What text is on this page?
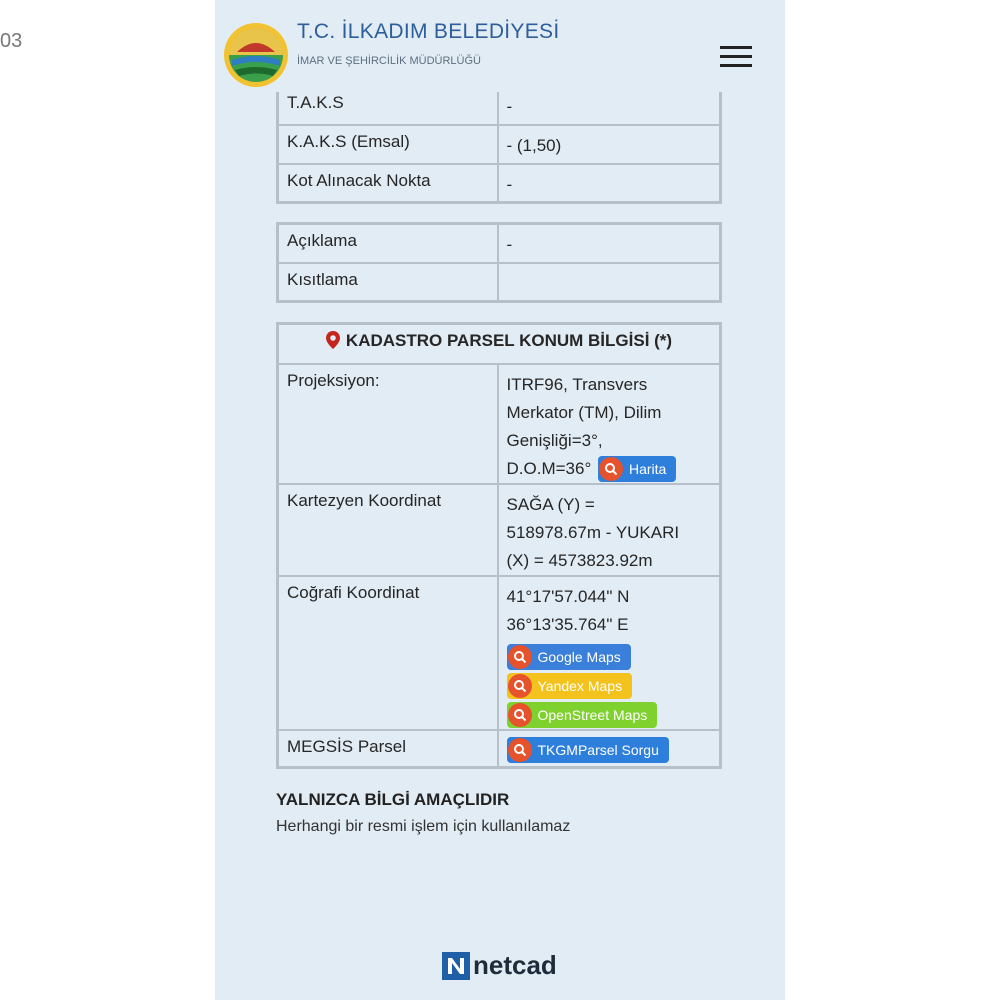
03
T.A.K.S	-
K.A.K.S (Emsal)	- (1,50)
Kot Alınacak Nokta	-
Açıklama	-
Kısıtlama	
KADASTRO PARSEL KONUM BİLGİSİ (*)	
Projeksiyon:	ITRF96, Transvers
Merkator (TM), Dilim
Genişliği=3°,
D.O.M=36° Harita

Kartezyen Koordinat	SAĞA (Y) =
518978.67m - YUKARI
(X) = 4573823.92m

Coğrafi Koordinat	41°17'57.044" N
36°13'35.764" E
Google Maps
Yandex Maps
OpenStreet Maps

MEGSİS Parsel	TKGMParsel Sorgu
YALNIZCA BİLGİ AMAÇLIDIR
Herhangi bir resmi işlem için kullanılamaz
netcad
T.C. İLKADIM BELEDİYESİ
İMAR VE ŞEHİRCİLİK MÜDÜRLÜĞÜ
